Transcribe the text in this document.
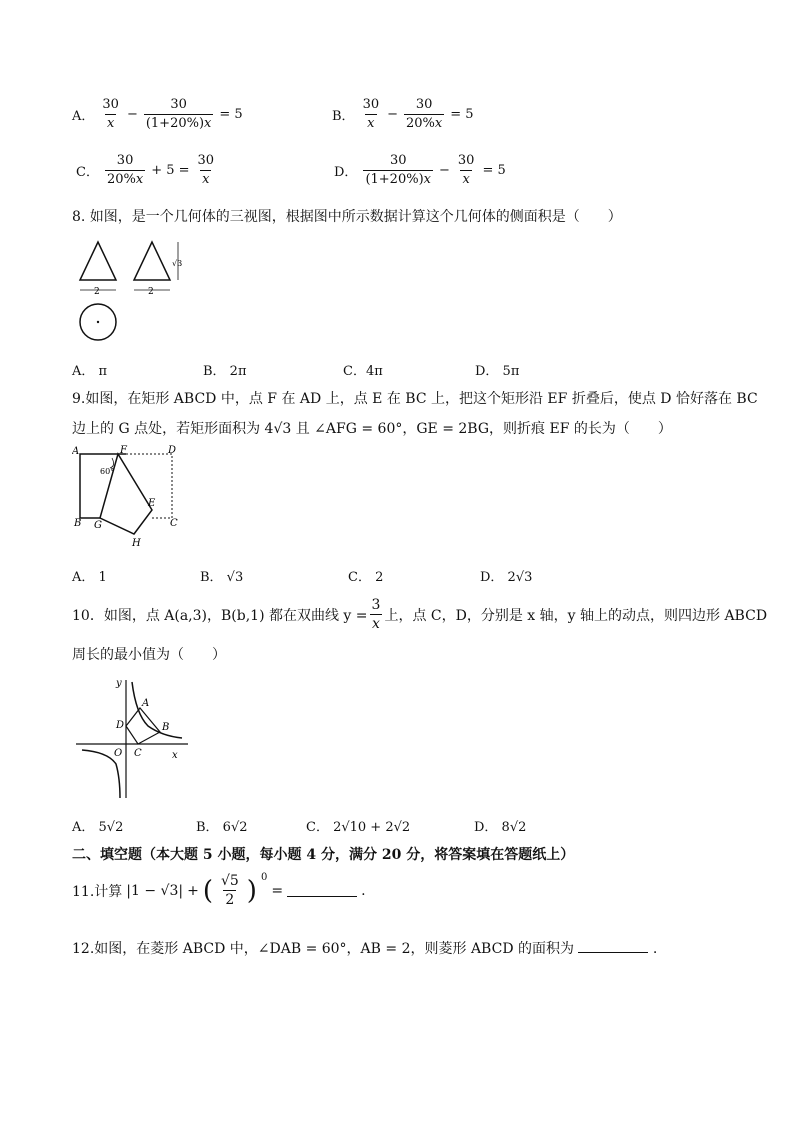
A． $\frac{30}{x} - \frac{30}{(1+20\%)x} = 5$	B． $\frac{30}{x} - \frac{30}{20\%x} = 5$
C． $\frac{30}{20\%x} + 5 = \frac{30}{x}$	D． $\frac{30}{(1+20\%)x} - \frac{30}{x} = 5$
8. 如图，是一个几何体的三视图，根据图中所示数据计算这个几何体的侧面积是（　　）
2	2
√3
A． π	B． 2π	C．4π	D． 5π
9.如图，在矩形 ABCD 中，点 F 在 AD 上，点 E 在 BC 上，把这个矩形沿 EF 折叠后，使点 D 恰好落在 BC
边上的 G 点处，若矩形面积为 4√3 且 ∠AFG = 60°，GE = 2BG，则折痕 EF 的长为（　　）
A	F	D
B G	C
E
H
60°
A． 1	B． √3	C． 2	D． 2√3
10．如图，点 A(a,3)，B(b,1) 都在双曲线 $y = \frac{3}{x}$ 上，点 C，D，分别是 x 轴，y 轴上的动点，则四边形 ABCD
周长的最小值为（　　）
y
x
O
A
B
C
D
A． 5√2	B． 6√2	C． 2√10 + 2√2	D． 8√2
二、填空题（本大题 5 小题，每小题 4 分，满分 20 分，将答案填在答题纸上）
11.计算 |1 − √3| + ( $\frac{√5}{2}$ ) $^0$
=	.
12.如图，在菱形 ABCD 中，∠DAB = 60°，AB = 2，则菱形 ABCD 的面积为	.
